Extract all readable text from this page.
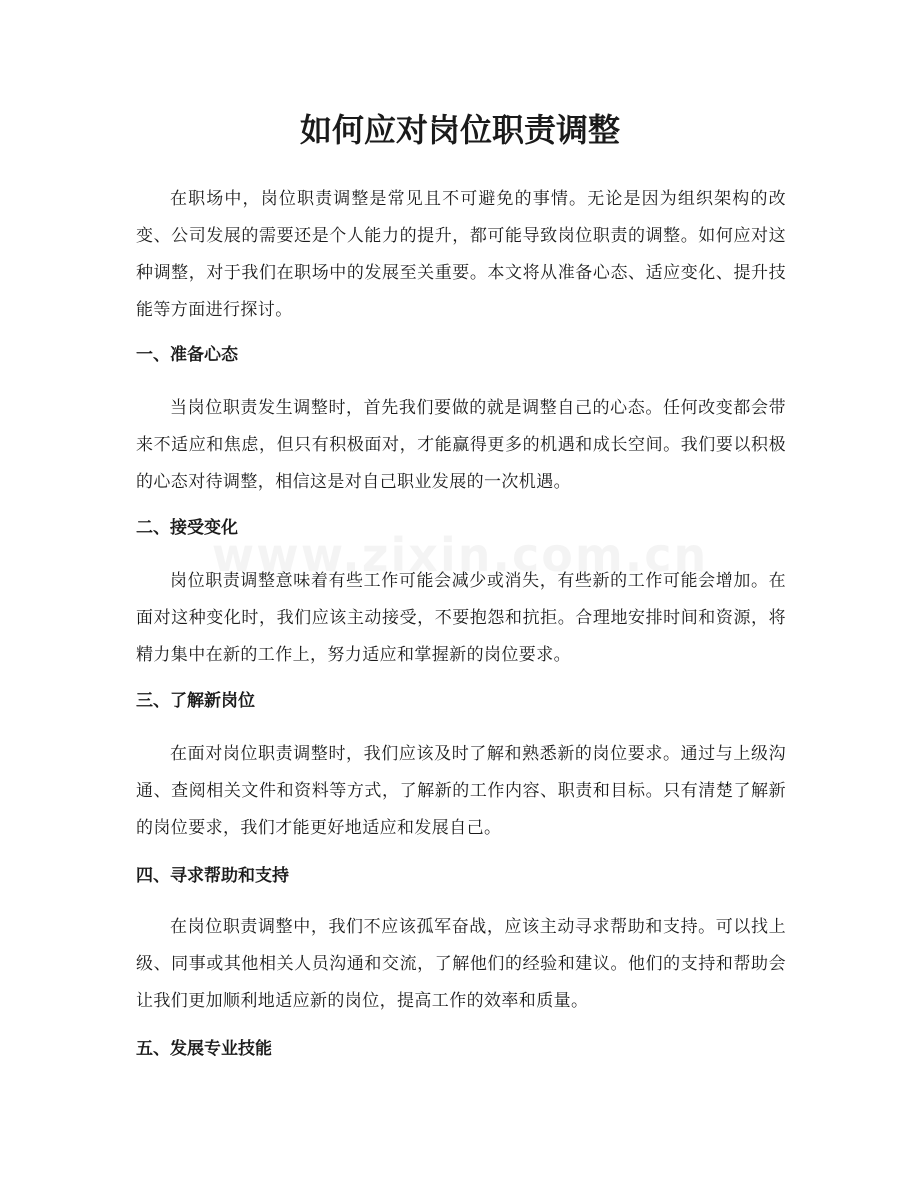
如何应对岗位职责调整

在职场中，岗位职责调整是常见且不可避免的事情。无论是因为组织架构的改变、公司发展的需要还是个人能力的提升，都可能导致岗位职责的调整。如何应对这种调整，对于我们在职场中的发展至关重要。本文将从准备心态、适应变化、提升技能等方面进行探讨。

一、准备心态

当岗位职责发生调整时，首先我们要做的就是调整自己的心态。任何改变都会带来不适应和焦虑，但只有积极面对，才能赢得更多的机遇和成长空间。我们要以积极的心态对待调整，相信这是对自己职业发展的一次机遇。

二、接受变化

岗位职责调整意味着有些工作可能会减少或消失，有些新的工作可能会增加。在面对这种变化时，我们应该主动接受，不要抱怨和抗拒。合理地安排时间和资源，将精力集中在新的工作上，努力适应和掌握新的岗位要求。

三、了解新岗位

在面对岗位职责调整时，我们应该及时了解和熟悉新的岗位要求。通过与上级沟通、查阅相关文件和资料等方式，了解新的工作内容、职责和目标。只有清楚了解新的岗位要求，我们才能更好地适应和发展自己。

四、寻求帮助和支持

在岗位职责调整中，我们不应该孤军奋战，应该主动寻求帮助和支持。可以找上级、同事或其他相关人员沟通和交流，了解他们的经验和建议。他们的支持和帮助会让我们更加顺利地适应新的岗位，提高工作的效率和质量。

五、发展专业技能
